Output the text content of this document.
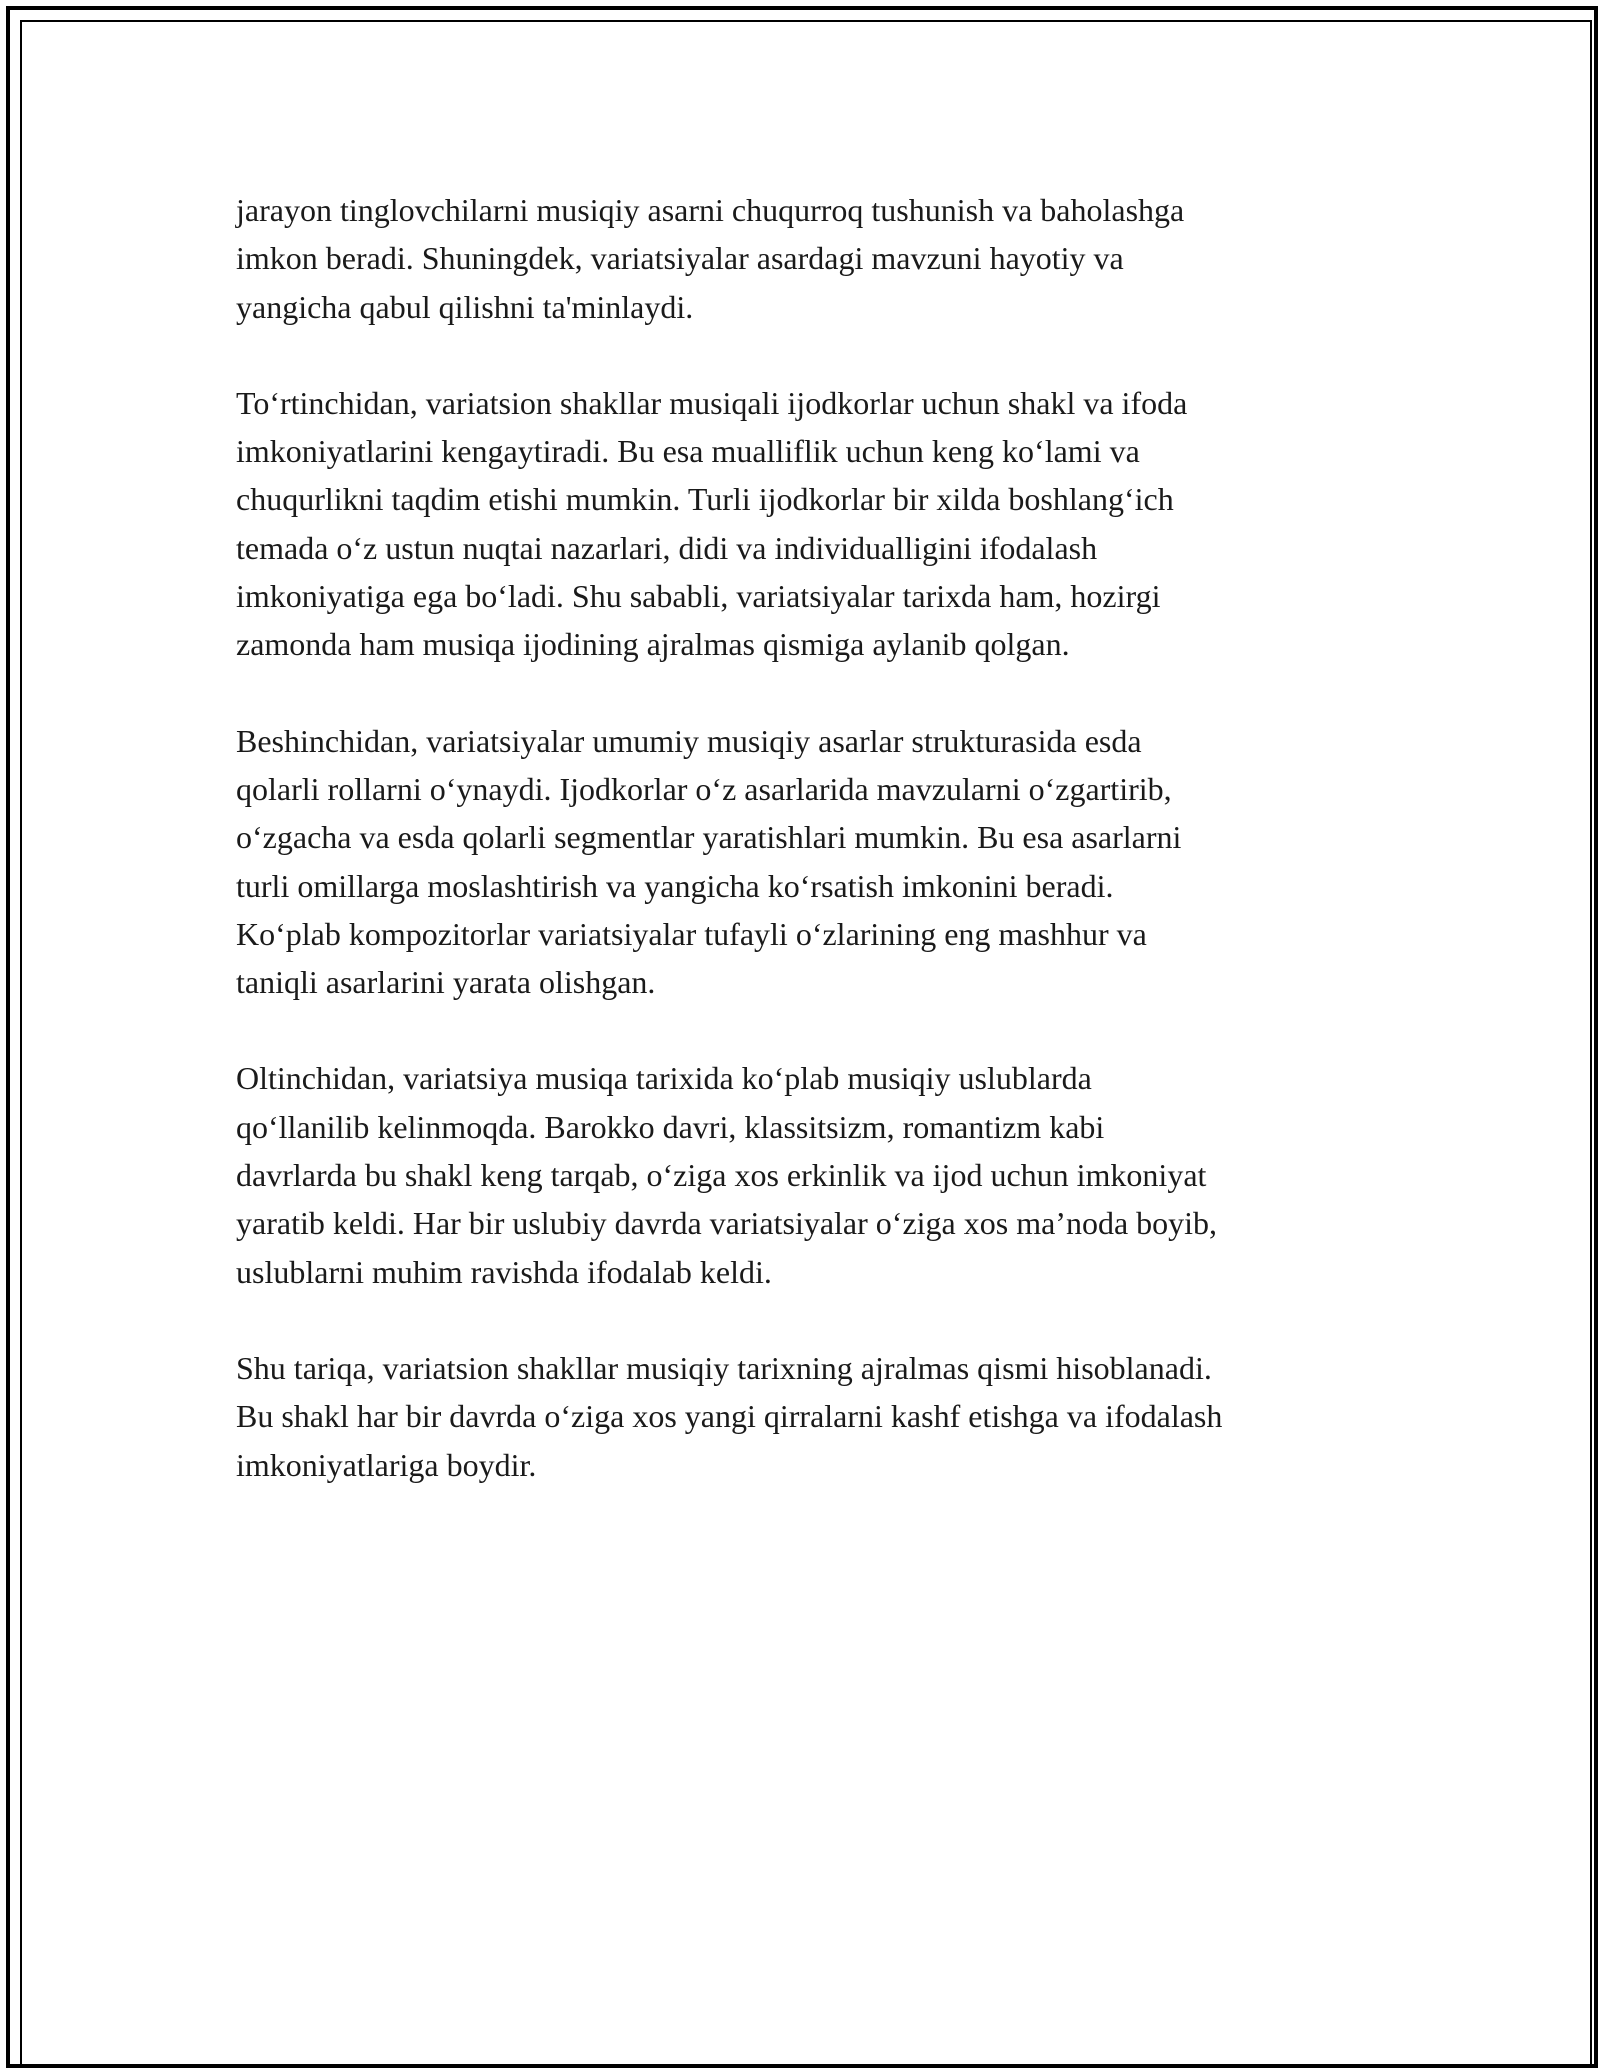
jarayon tinglovchilarni musiqiy asarni chuqurroq tushunish va baholashga
imkon beradi. Shuningdek, variatsiyalar asardagi mavzuni hayotiy va
yangicha qabul qilishni ta'minlaydi.

To‘rtinchidan, variatsion shakllar musiqali ijodkorlar uchun shakl va ifoda
imkoniyatlarini kengaytiradi. Bu esa mualliflik uchun keng ko‘lami va
chuqurlikni taqdim etishi mumkin. Turli ijodkorlar bir xilda boshlang‘ich
temada o‘z ustun nuqtai nazarlari, didi va individualligini ifodalash
imkoniyatiga ega bo‘ladi. Shu sababli, variatsiyalar tarixda ham, hozirgi
zamonda ham musiqa ijodining ajralmas qismiga aylanib qolgan.

Beshinchidan, variatsiyalar umumiy musiqiy asarlar strukturasida esda
qolarli rollarni o‘ynaydi. Ijodkorlar o‘z asarlarida mavzularni o‘zgartirib,
o‘zgacha va esda qolarli segmentlar yaratishlari mumkin. Bu esa asarlarni
turli omillarga moslashtirish va yangicha ko‘rsatish imkonini beradi.
Ko‘plab kompozitorlar variatsiyalar tufayli o‘zlarining eng mashhur va
taniqli asarlarini yarata olishgan.

Oltinchidan, variatsiya musiqa tarixida ko‘plab musiqiy uslublarda
qo‘llanilib kelinmoqda. Barokko davri, klassitsizm, romantizm kabi
davrlarda bu shakl keng tarqab, o‘ziga xos erkinlik va ijod uchun imkoniyat
yaratib keldi. Har bir uslubiy davrda variatsiyalar o‘ziga xos ma’noda boyib,
uslublarni muhim ravishda ifodalab keldi.

Shu tariqa, variatsion shakllar musiqiy tarixning ajralmas qismi hisoblanadi.
Bu shakl har bir davrda o‘ziga xos yangi qirralarni kashf etishga va ifodalash
imkoniyatlariga boydir.
